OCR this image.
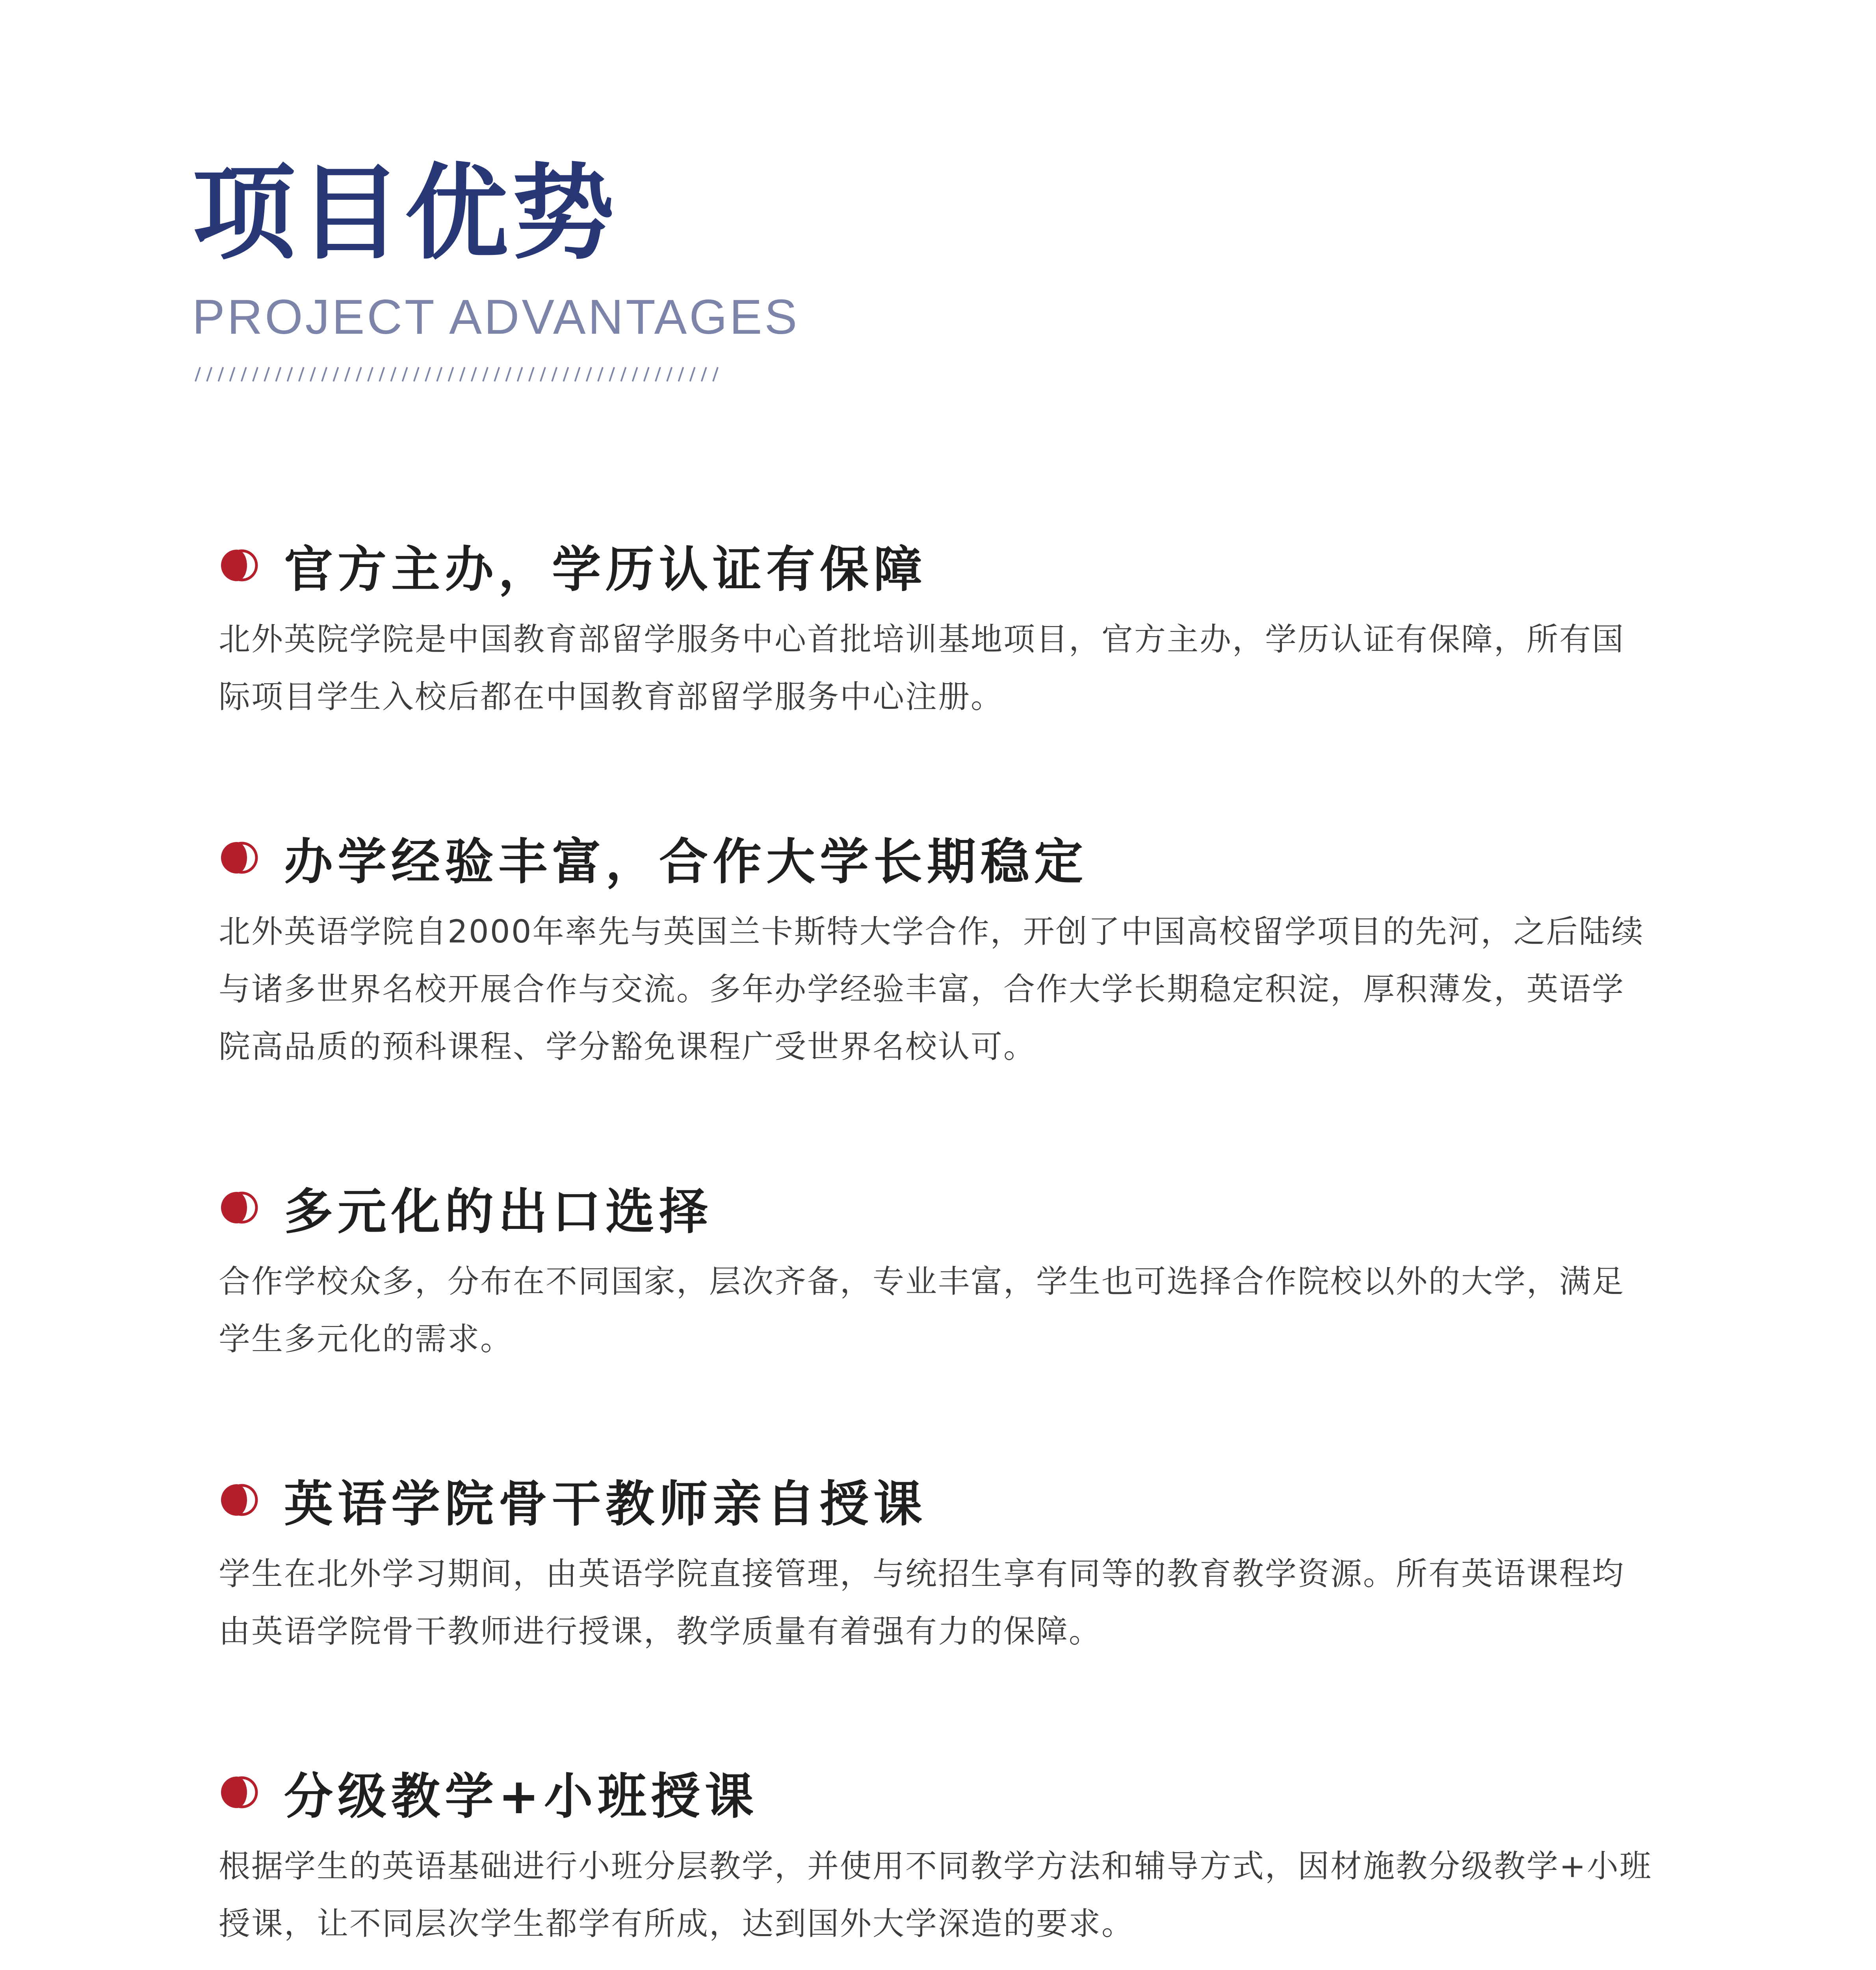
项目优势
PROJECT ADVANTAGES
官方主办，学历认证有保障

北外英院学院是中国教育部留学服务中心首批培训基地项目，官方主办，学历认证有保障，所有国际项目学生入校后都在中国教育部留学服务中心注册。

办学经验丰富，合作大学长期稳定

北外英语学院自2000年率先与英国兰卡斯特大学合作，开创了中国高校留学项目的先河，之后陆续与诸多世界名校开展合作与交流。多年办学经验丰富，合作大学长期稳定积淀，厚积薄发，英语学院高品质的预科课程、学分豁免课程广受世界名校认可。

多元化的出口选择

合作学校众多，分布在不同国家，层次齐备，专业丰富，学生也可选择合作院校以外的大学，满足学生多元化的需求。

英语学院骨干教师亲自授课

学生在北外学习期间，由英语学院直接管理，与统招生享有同等的教育教学资源。所有英语课程均由英语学院骨干教师进行授课，教学质量有着强有力的保障。

分级教学+小班授课

根据学生的英语基础进行小班分层教学，并使用不同教学方法和辅导方式，因材施教分级教学+小班授课，让不同层次学生都学有所成，达到国外大学深造的要求。
